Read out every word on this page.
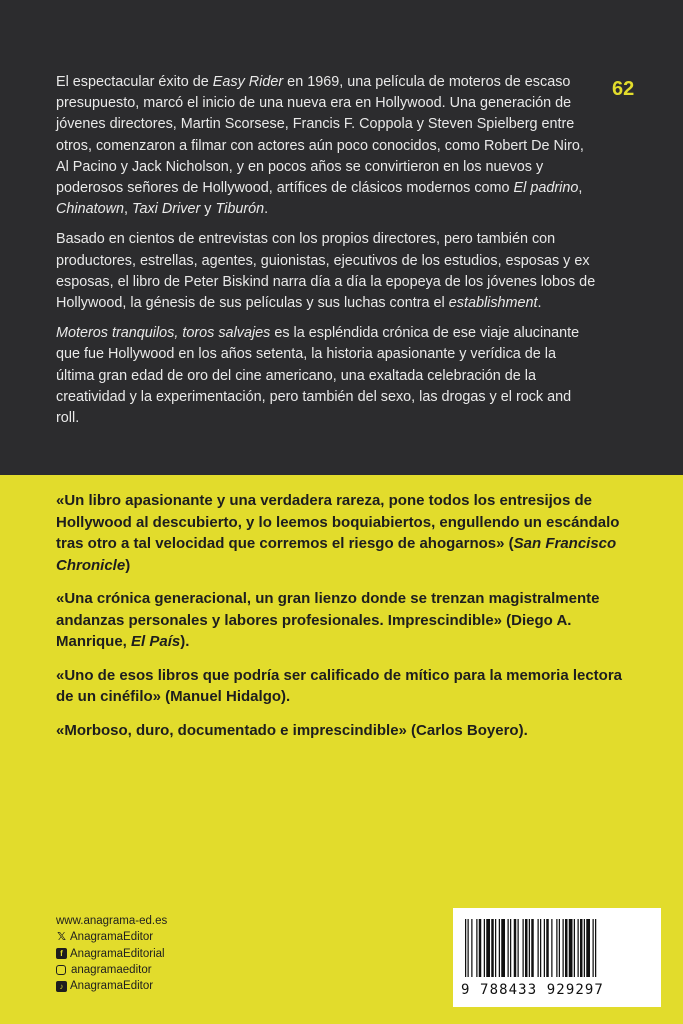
62

El espectacular éxito de Easy Rider en 1969, una película de moteros de escaso presupuesto, marcó el inicio de una nueva era en Hollywood. Una generación de jóvenes directores, Martin Scorsese, Francis F. Coppola y Steven Spielberg entre otros, comenzaron a filmar con actores aún poco conocidos, como Robert De Niro, Al Pacino y Jack Nicholson, y en pocos años se convirtieron en los nuevos y poderosos señores de Hollywood, artífices de clásicos modernos como El padrino, Chinatown, Taxi Driver y Tiburón.

Basado en cientos de entrevistas con los propios directores, pero también con productores, estrellas, agentes, guionistas, ejecutivos de los estudios, esposas y ex esposas, el libro de Peter Biskind narra día a día la epopeya de los jóvenes lobos de Hollywood, la génesis de sus películas y sus luchas contra el establishment.

Moteros tranquilos, toros salvajes es la espléndida crónica de ese viaje alucinante que fue Hollywood en los años setenta, la historia apasionante y verídica de la última gran edad de oro del cine americano, una exaltada celebración de la creatividad y la experimentación, pero también del sexo, las drogas y el rock and roll.

«Un libro apasionante y una verdadera rareza, pone todos los entresijos de Hollywood al descubierto, y lo leemos boquiabiertos, engullendo un escándalo tras otro a tal velocidad que corremos el riesgo de ahogarnos» (San Francisco Chronicle)

«Una crónica generacional, un gran lienzo donde se trenzan magistralmente andanzas personales y labores profesionales. Imprescindible» (Diego A. Manrique, El País).

«Uno de esos libros que podría ser calificado de mítico para la memoria lectora de un cinéfilo» (Manuel Hidalgo).

«Morboso, duro, documentado e imprescindible» (Carlos Boyero).

www.anagrama-ed.es
𝕏 AnagramaEditor
f AnagramaEditorial
anagramaeditor
♪ AnagramaEditor	9 788433 929297
